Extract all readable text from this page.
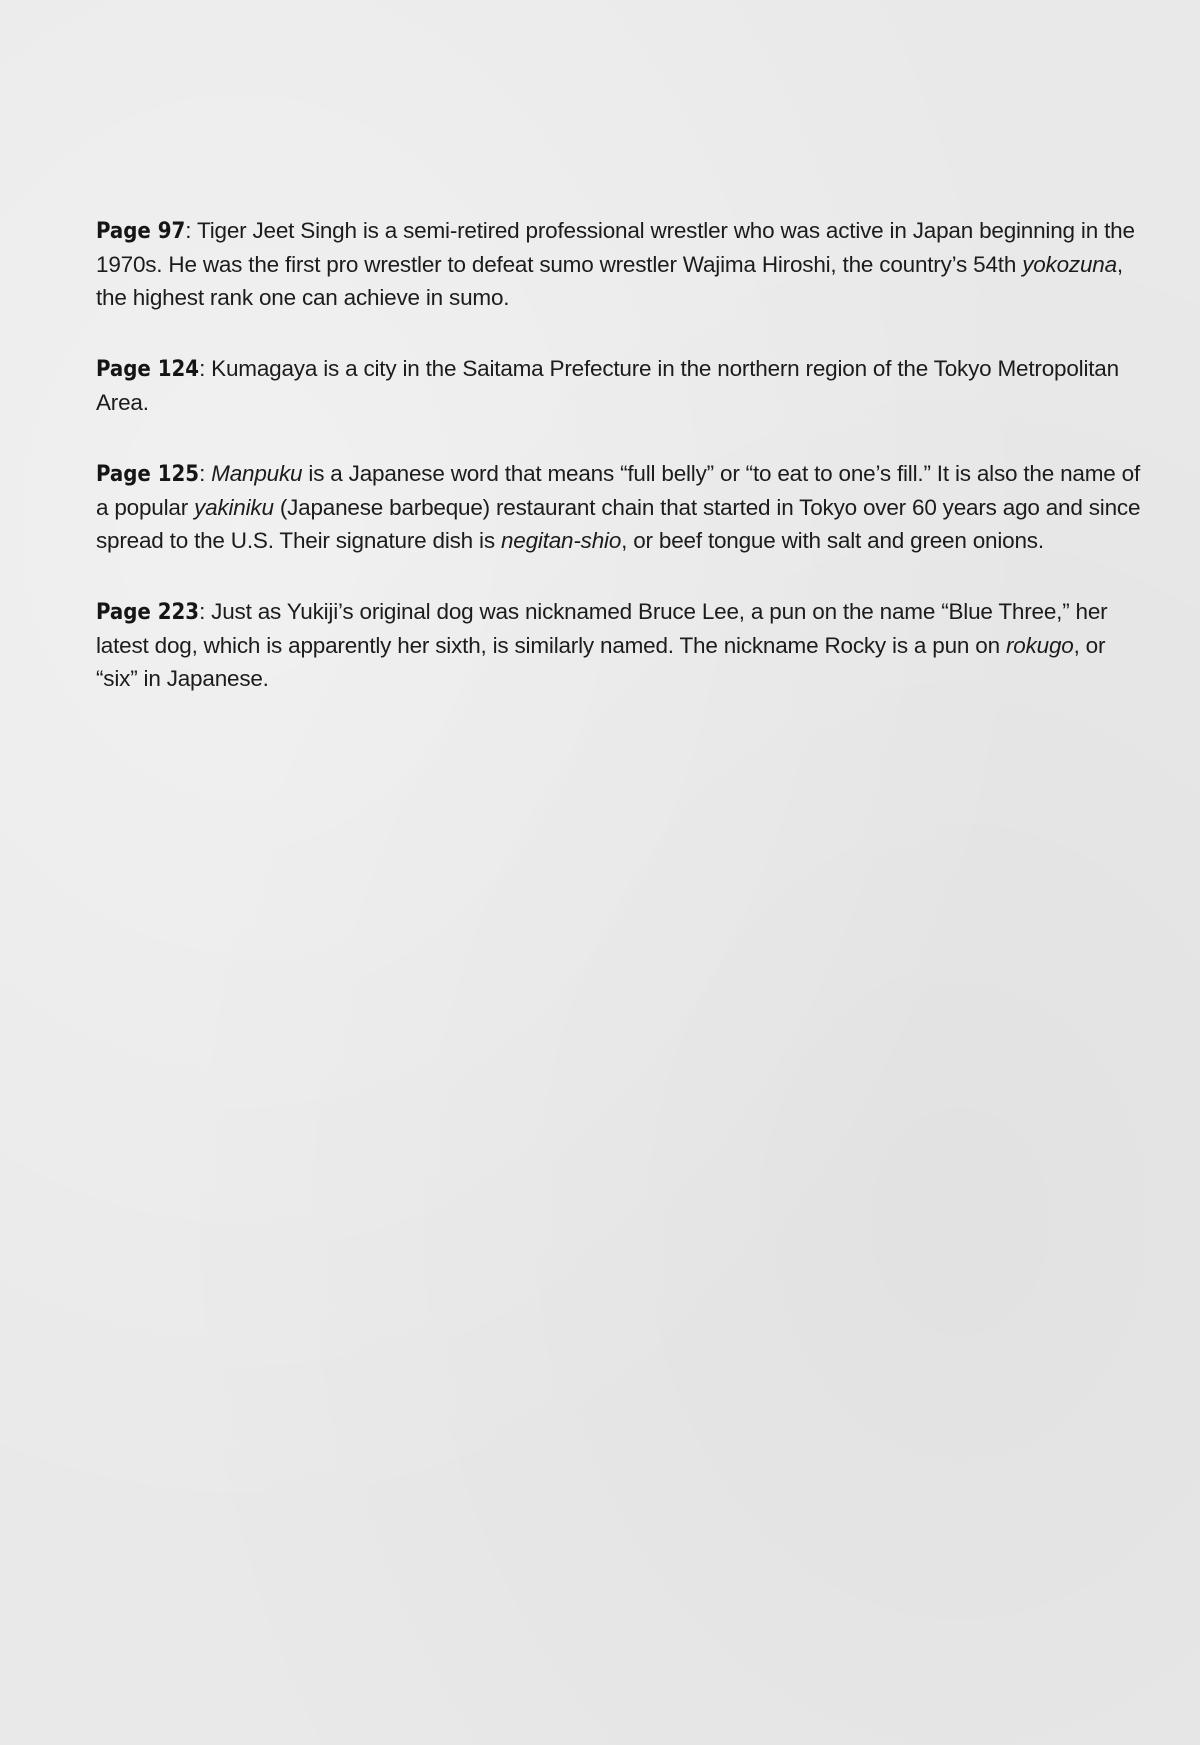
Page 97: Tiger Jeet Singh is a semi-retired professional wrestler who was active in Japan beginning in the 1970s. He was the first pro wrestler to defeat sumo wrestler Wajima Hiroshi, the country’s 54th yokozuna, the highest rank one can achieve in sumo.

Page 124: Kumagaya is a city in the Saitama Prefecture in the northern region of the Tokyo Metropolitan Area.

Page 125: Manpuku is a Japanese word that means “full belly” or “to eat to one’s fill.” It is also the name of a popular yakiniku (Japanese barbeque) restaurant chain that started in Tokyo over 60 years ago and since spread to the U.S. Their signature dish is negitan-shio, or beef tongue with salt and green onions.

Page 223: Just as Yukiji’s original dog was nicknamed Bruce Lee, a pun on the name “Blue Three,” her latest dog, which is apparently her sixth, is similarly named. The nickname Rocky is a pun on rokugo, or “six” in Japanese.
